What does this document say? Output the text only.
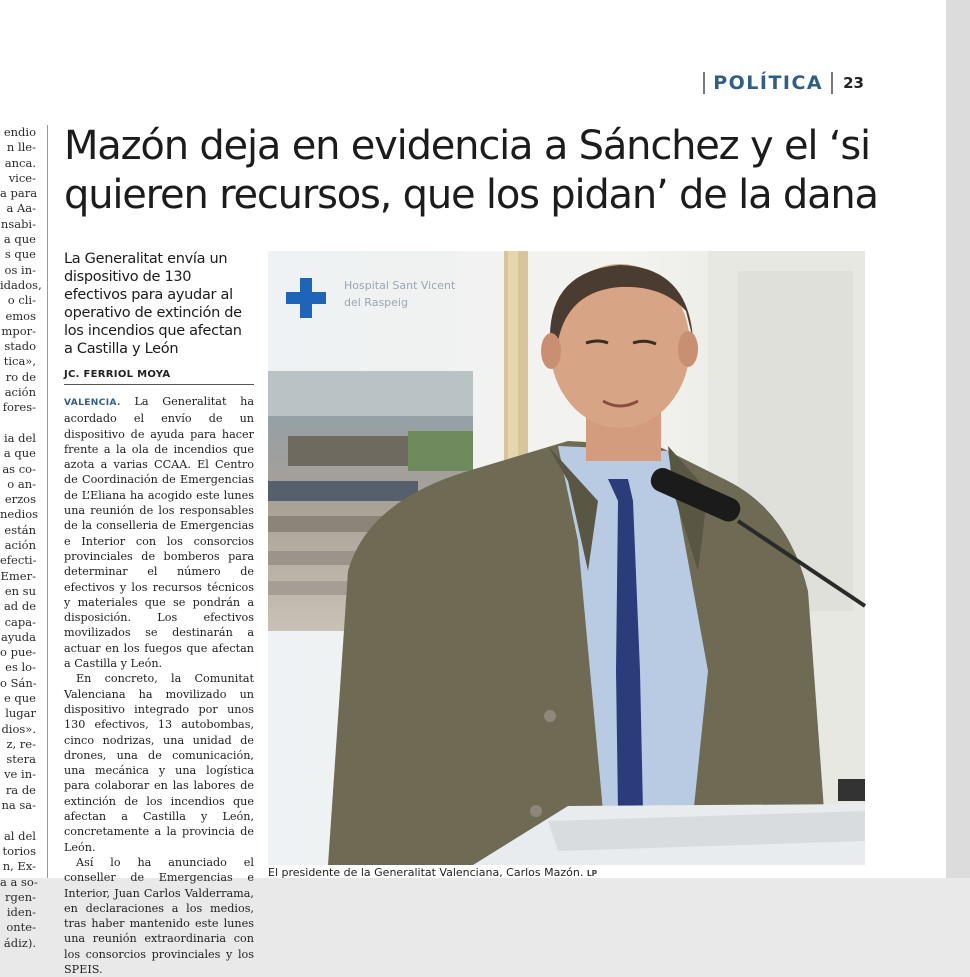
POLÍTICA 23
endio
n lle-
anca.
vice-
a para
a Aa-
nsabi-
a que
s que
os in-
idados,
o cli-
emos
mpor-
stado
tica»,
ro de
ación
fores-

ia del
a que
as co-
o an-
erzos
nedios
están
ación
efecti-
Emer-
en su
ad de
capa-
ayuda
o pue-
es lo-
o Sán-
e que
lugar
dios».
z, re-
stera
ve in-
ra de
na sa-

al del
torios
n, Ex-
a a so-
rgen-
iden-
onte-
ádiz).
Mazón deja en evidencia a Sánchez y el ‘si quieren recursos, que los pidan’ de la dana
La Generalitat envía un dispositivo de 130 efectivos para ayudar al operativo de extinción de los incendios que afectan a Castilla y León
JC. FERRIOL MOYA

VALENCIA. La Generalitat ha acordado el envío de un dispositivo de ayuda para hacer frente a la ola de incendios que azota a varias CCAA. El Centro de Coordinación de Emergencias de L’Eliana ha acogido este lunes una reunión de los responsables de la conselleria de Emergencias e Interior con los consorcios provinciales de bomberos para determinar el número de efectivos y los recursos técnicos y materiales que se pondrán a disposición. Los efectivos movilizados se destinarán a actuar en los fuegos que afectan a Castilla y León.

En concreto, la Comunitat Valenciana ha movilizado un dispositivo integrado por unos 130 efectivos, 13 autobombas, cinco nodrizas, una unidad de drones, una de comunicación, una mecánica y una logística para colaborar en las labores de extinción de los incendios que afectan a Castilla y León, concretamente a la provincia de León.

Así lo ha anunciado el conseller de Emergencias e Interior, Juan Carlos Valderrama, en declaraciones a los medios, tras haber mantenido este lunes una reunión extraordinaria con los consorcios provinciales y los SPEIS.

Hospital Sant Vicent
del Raspeig
El presidente de la Generalitat Valenciana, Carlos Mazón. LP
